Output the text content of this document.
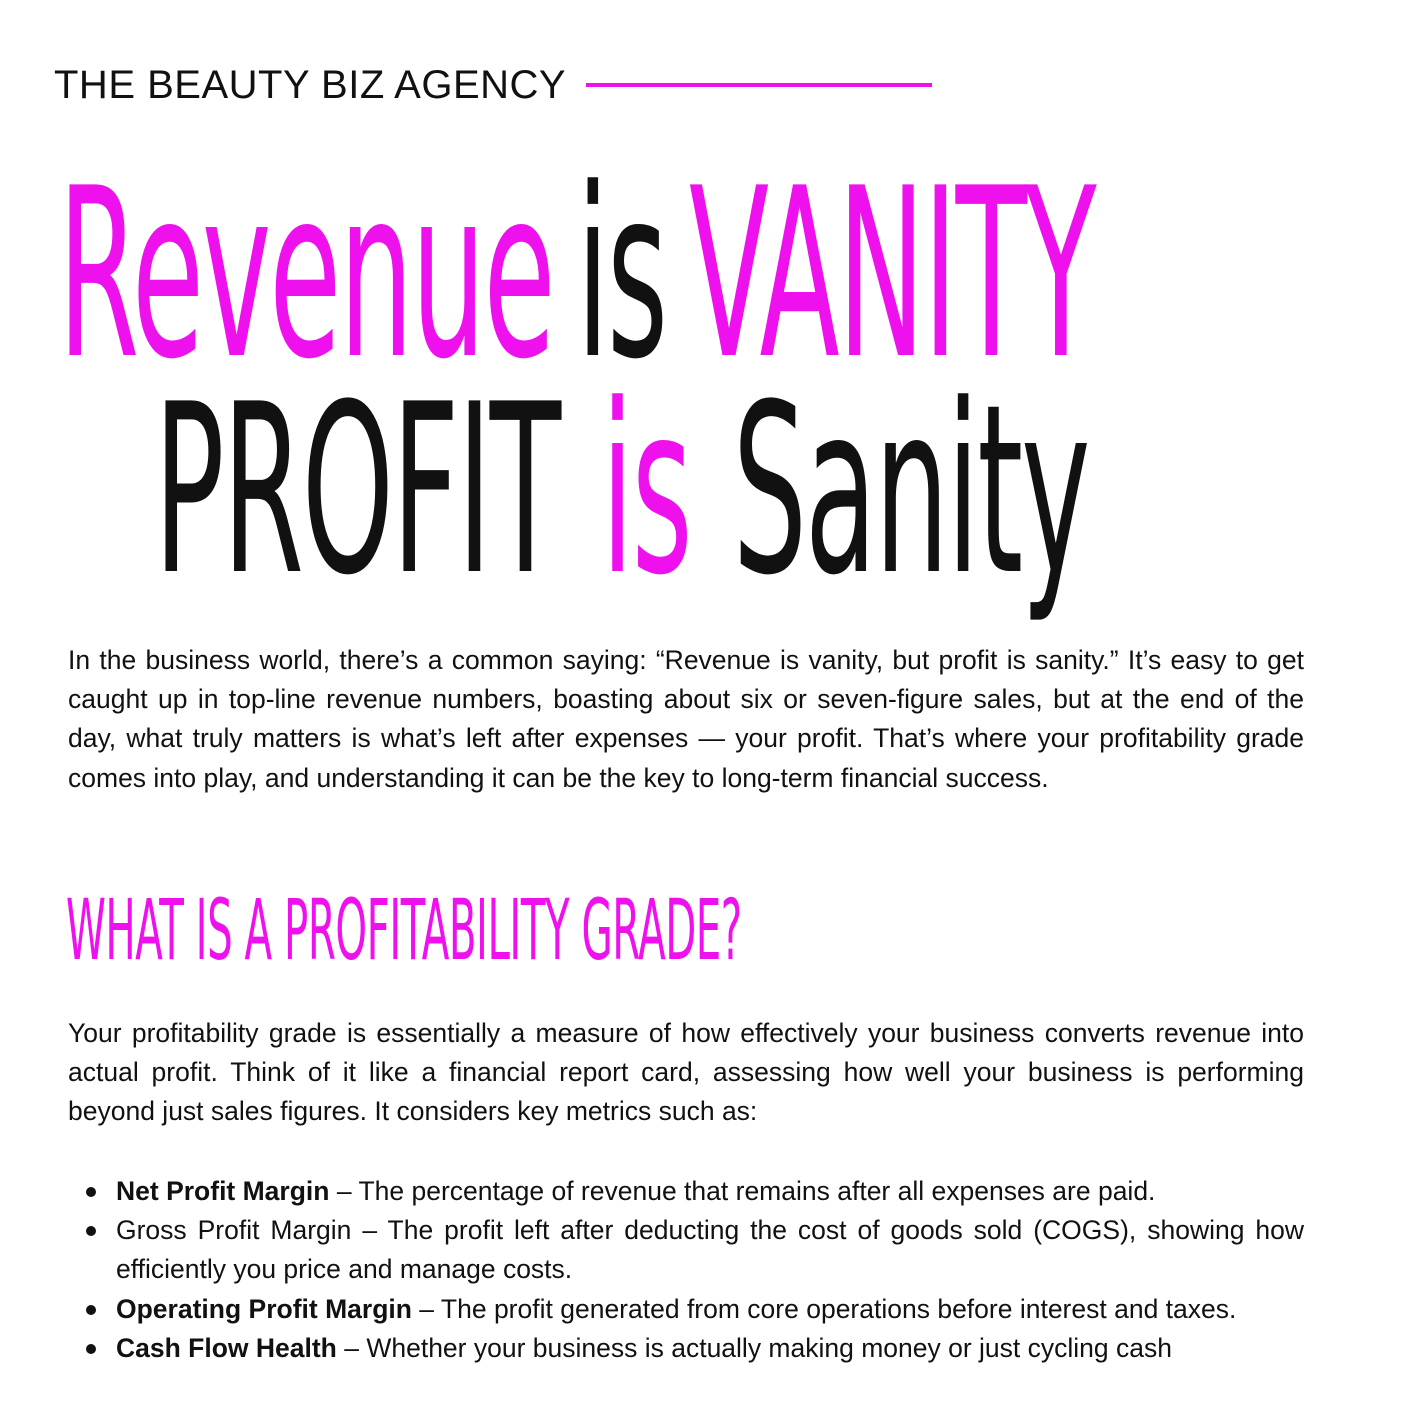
THE BEAUTY BIZ AGENCY
RevenueisVANITY
PROFIT is Sanity

In the business world, there’s a common saying: “Revenue is vanity, but profit is sanity.” It’s easy to get caught up in top-line revenue numbers, boasting about six or seven-figure sales, but at the end of the day, what truly matters is what’s left after expenses — your profit. That’s where your profitability grade comes into play, and understanding it can be the key to long-term financial success.

WHAT IS A PROFITABILITY GRADE?

Your profitability grade is essentially a measure of how effectively your business converts revenue into actual profit. Think of it like a financial report card, assessing how well your business is performing beyond just sales figures. It considers key metrics such as:

Net Profit Margin – The percentage of revenue that remains after all expenses are paid.
Gross Profit Margin – The profit left after deducting the cost of goods sold (COGS), showing how efficiently you price and manage costs.
Operating Profit Margin – The profit generated from core operations before interest and taxes.
Cash Flow Health – Whether your business is actually making money or just cycling cash
